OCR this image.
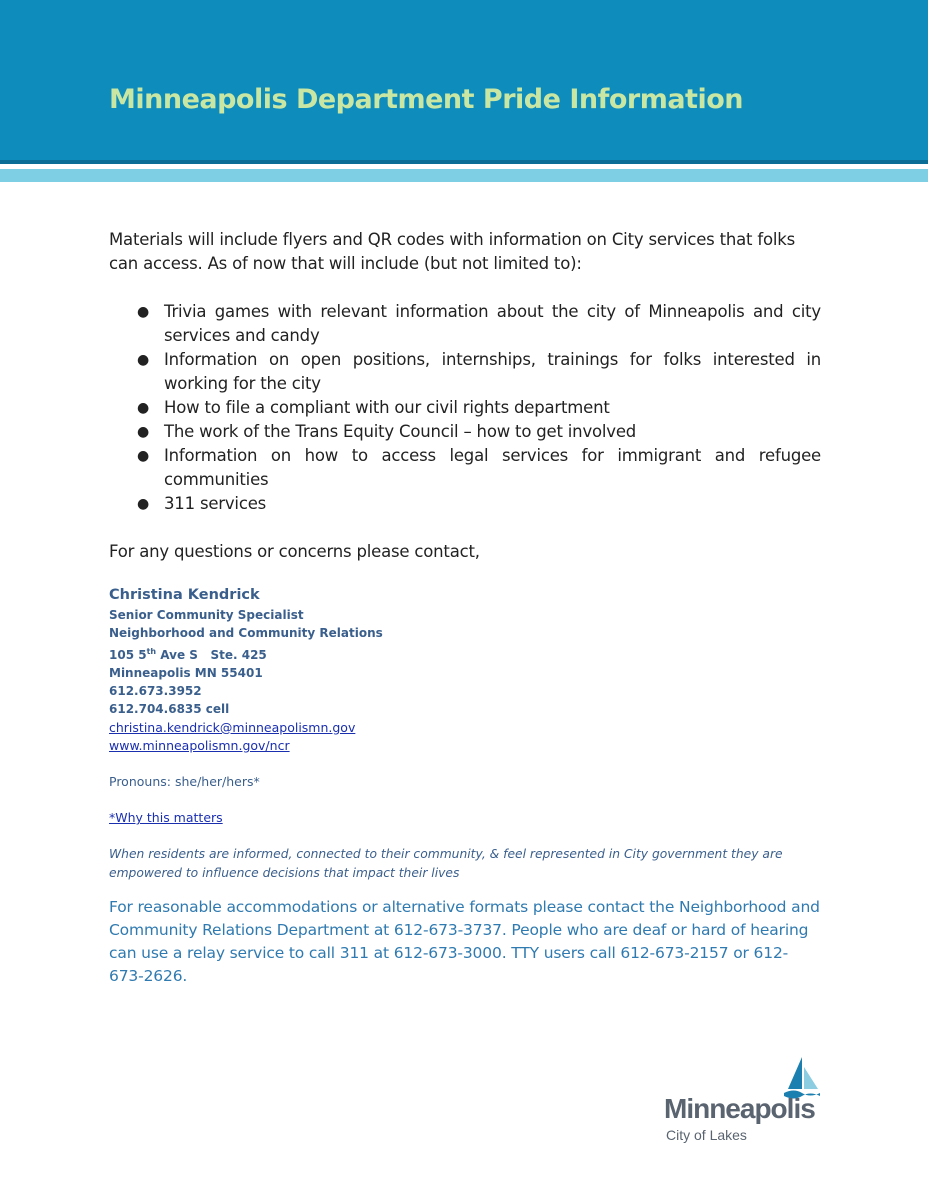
Minneapolis Department Pride Information

Materials will include flyers and QR codes with information on City services that folks can access. As of now that will include (but not limited to):

● Trivia games with relevant information about the city of Minneapolis and city services and candy
● Information on open positions, internships, trainings for folks interested in working for the city
● How to file a compliant with our civil rights department
● The work of the Trans Equity Council – how to get involved
● Information on how to access legal services for immigrant and refugee communities
● 311 services

For any questions or concerns please contact,

Christina Kendrick
Senior Community Specialist
Neighborhood and Community Relations
105 5th Ave S   Ste. 425
Minneapolis MN 55401
612.673.3952
612.704.6835 cell
christina.kendrick@minneapolismn.gov
www.minneapolismn.gov/ncr
Pronouns: she/her/hers*
*Why this matters
When residents are informed, connected to their community, & feel represented in City government they are empowered to influence decisions that impact their lives
For reasonable accommodations or alternative formats please contact the Neighborhood and Community Relations Department at 612-673-3737. People who are deaf or hard of hearing can use a relay service to call 311 at 612-673-3000. TTY users call 612-673-2157 or 612-673-2626.
Minneapolis
City of Lakes
